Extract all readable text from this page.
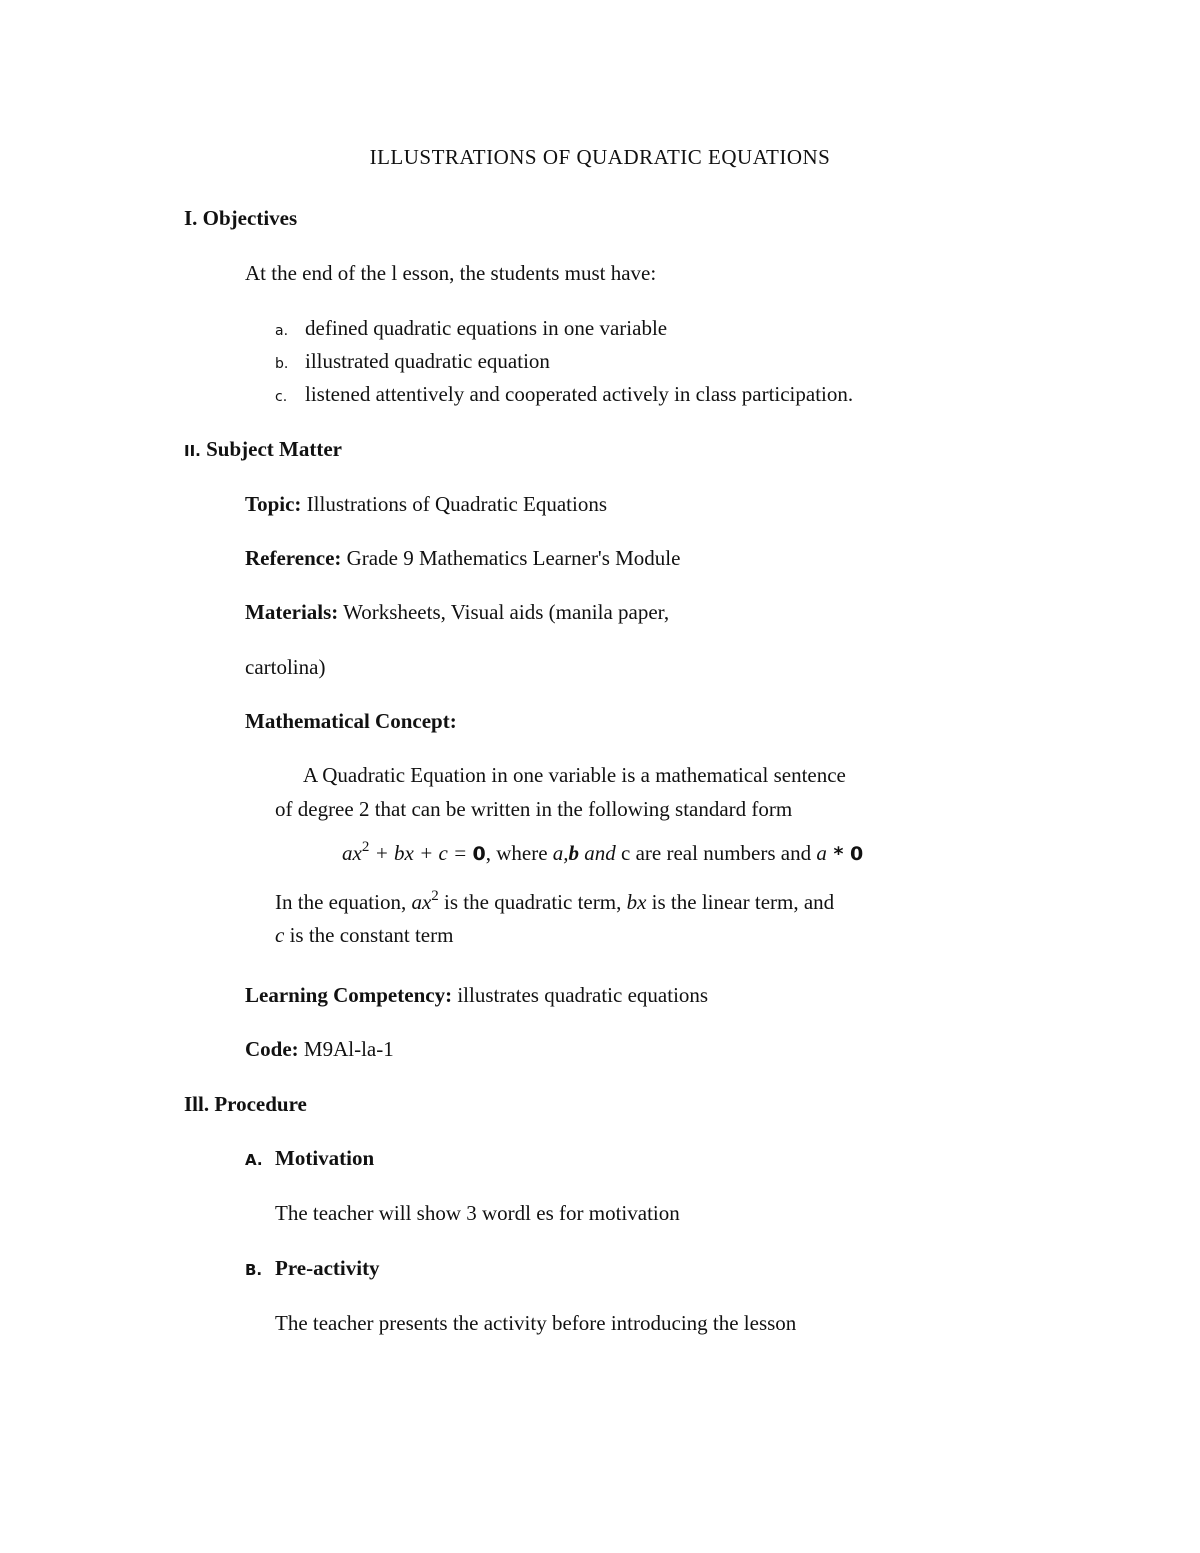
ILLUSTRATIONS OF QUADRATIC EQUATIONS
I. Objectives
At the end of the l esson, the students must have:
a. defined quadratic equations in one variable
b. illustrated quadratic equation
c. listened attentively and cooperated actively in class participation.
II. Subject Matter
Topic: Illustrations of Quadratic Equations
Reference: Grade 9 Mathematics Learner's Module
Materials: Worksheets, Visual aids (manila paper,
cartolina)
Mathematical Concept:
A Quadratic Equation in one variable is a mathematical sentence
of degree 2 that can be written in the following standard form
$ax^2$ + bx + c = 0, where a,b and c are real numbers and a * 0
In the equation, $ax^2$ is the quadratic term, bx is the linear term, and
c is the constant term
Learning Competency: illustrates quadratic equations
Code: M9Al-la-1
Ill. Procedure
A. Motivation
The teacher will show 3 wordl es for motivation
B. Pre-activity
The teacher presents the activity before introducing the lesson
